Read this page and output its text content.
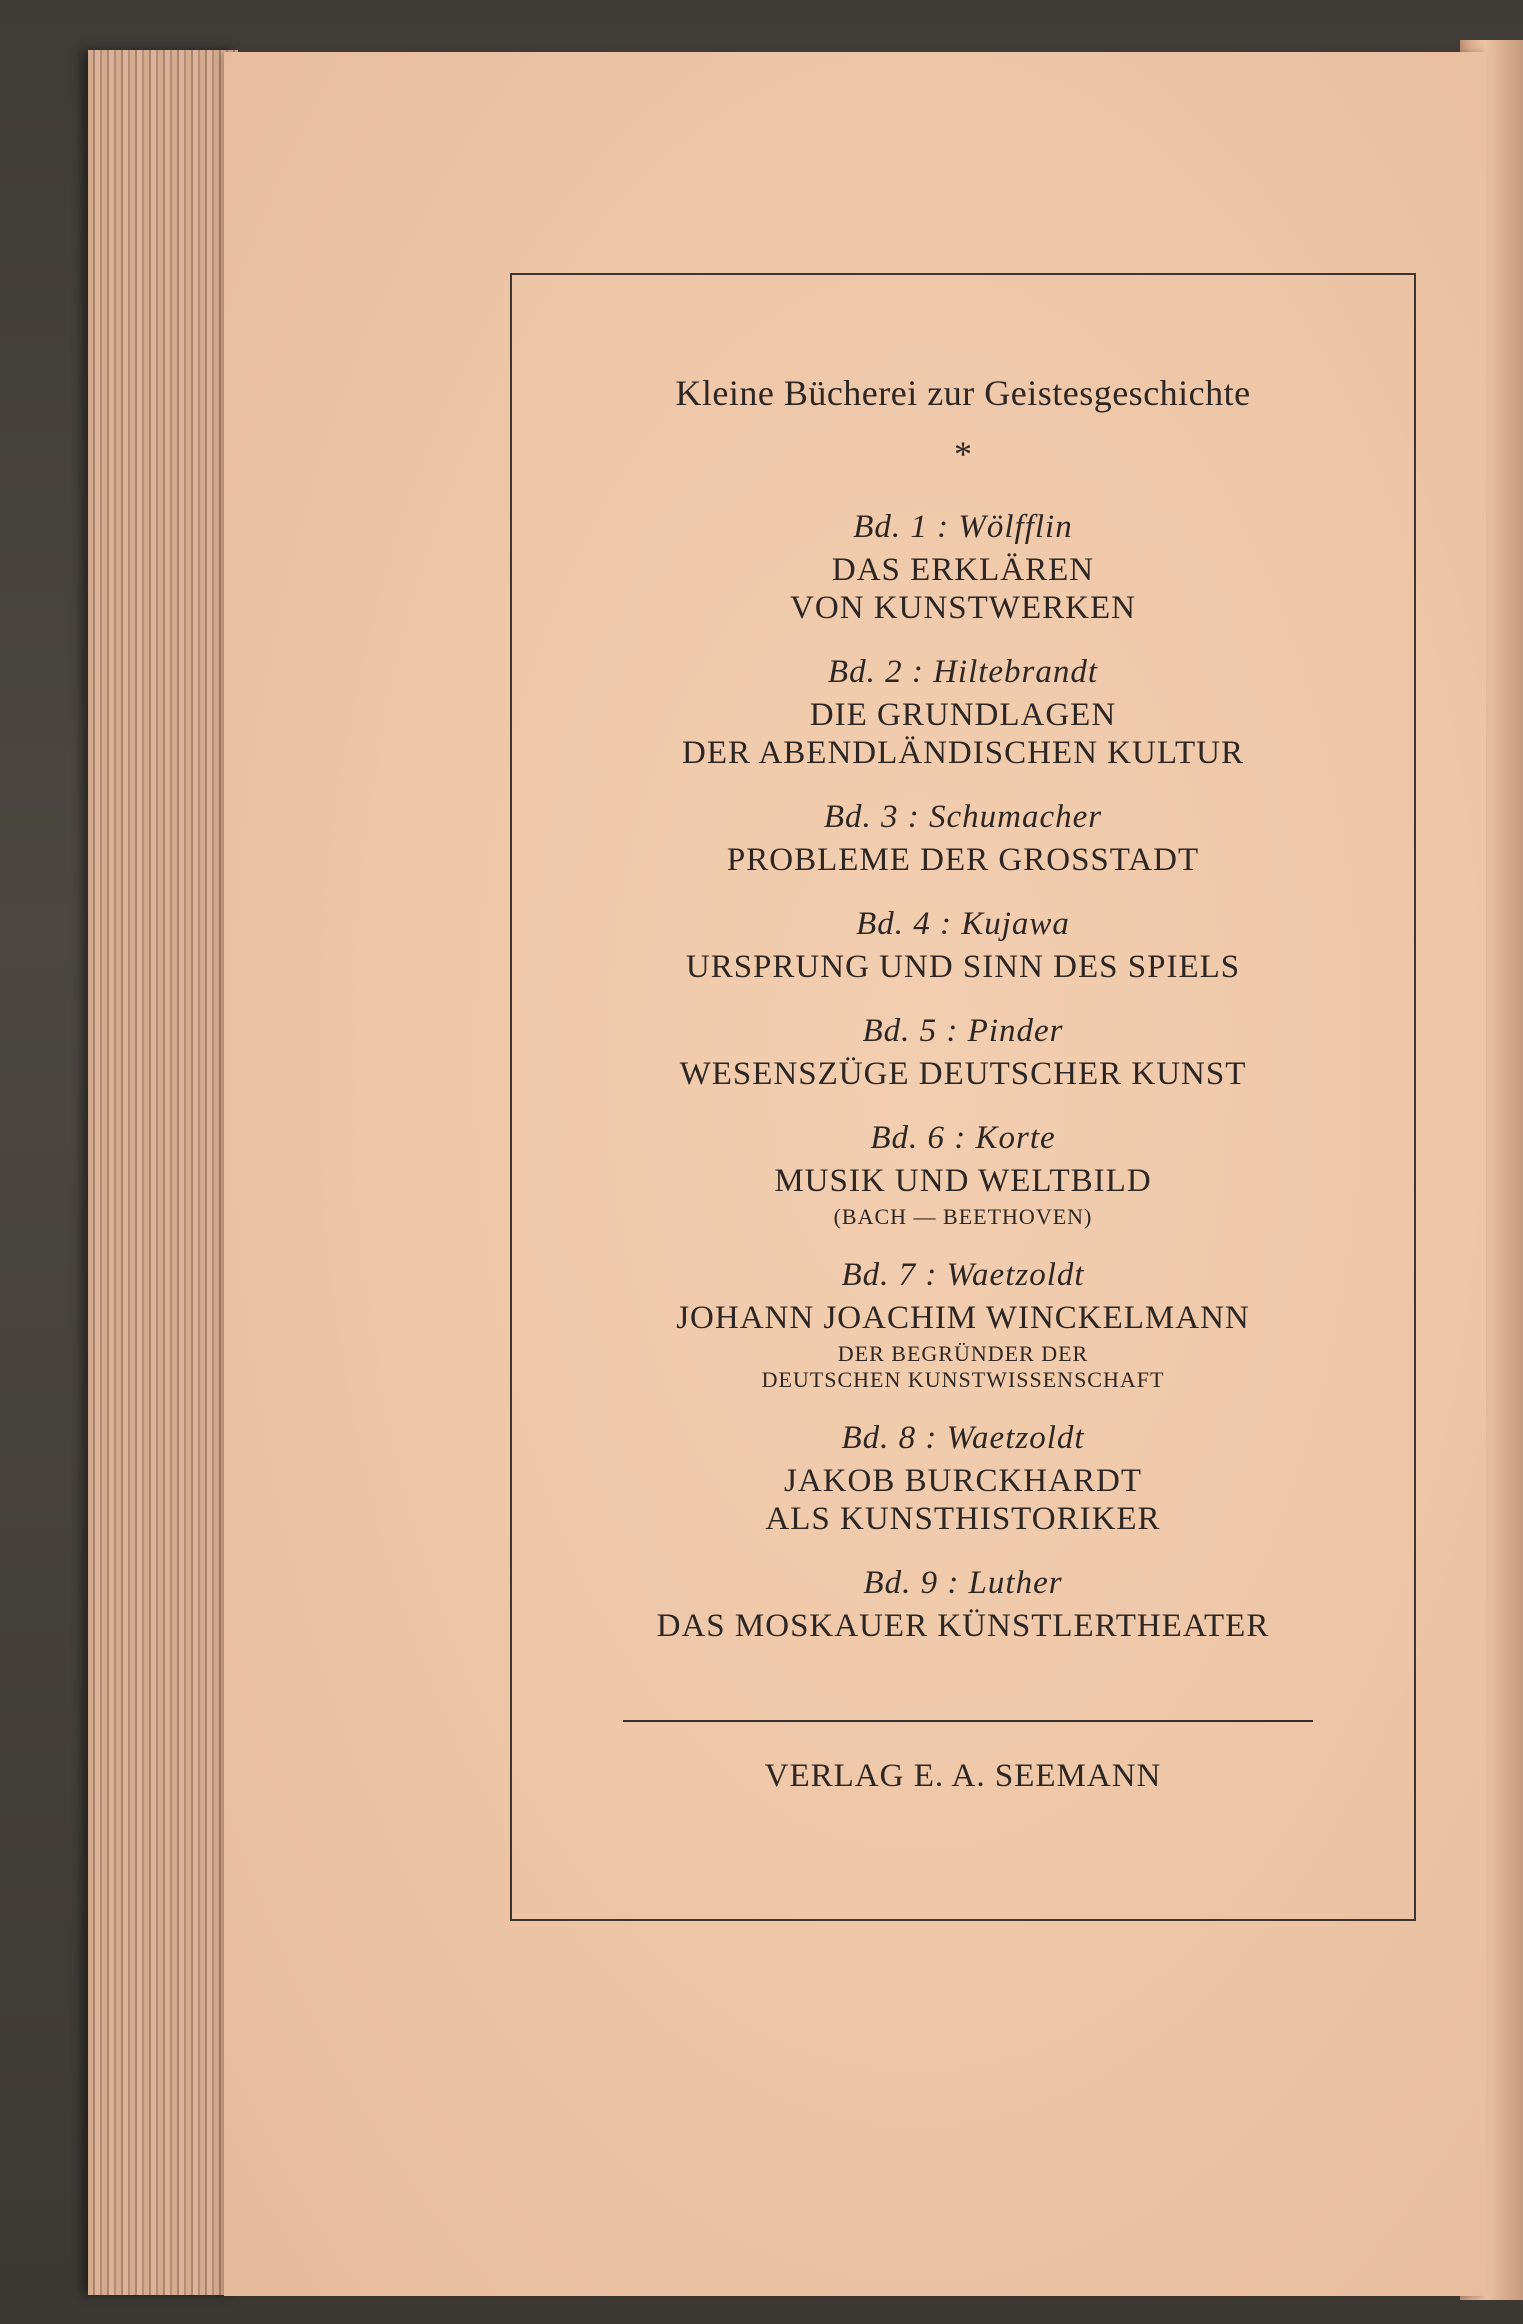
Kleine Bücherei zur Geistesgeschichte
*
Bd. 1 : Wölfflin
DAS ERKLÄREN
VON KUNSTWERKEN
Bd. 2 : Hiltebrandt
DIE GRUNDLAGEN
DER ABENDLÄNDISCHEN KULTUR
Bd. 3 : Schumacher
PROBLEME DER GROSSTADT
Bd. 4 : Kujawa
URSPRUNG UND SINN DES SPIELS
Bd. 5 : Pinder
WESENSZÜGE DEUTSCHER KUNST
Bd. 6 : Korte
MUSIK UND WELTBILD
(BACH — BEETHOVEN)
Bd. 7 : Waetzoldt
JOHANN JOACHIM WINCKELMANN
DER BEGRÜNDER DER
DEUTSCHEN KUNSTWISSENSCHAFT
Bd. 8 : Waetzoldt
JAKOB BURCKHARDT
ALS KUNSTHISTORIKER
Bd. 9 : Luther
DAS MOSKAUER KÜNSTLERTHEATER
VERLAG E. A. SEEMANN
